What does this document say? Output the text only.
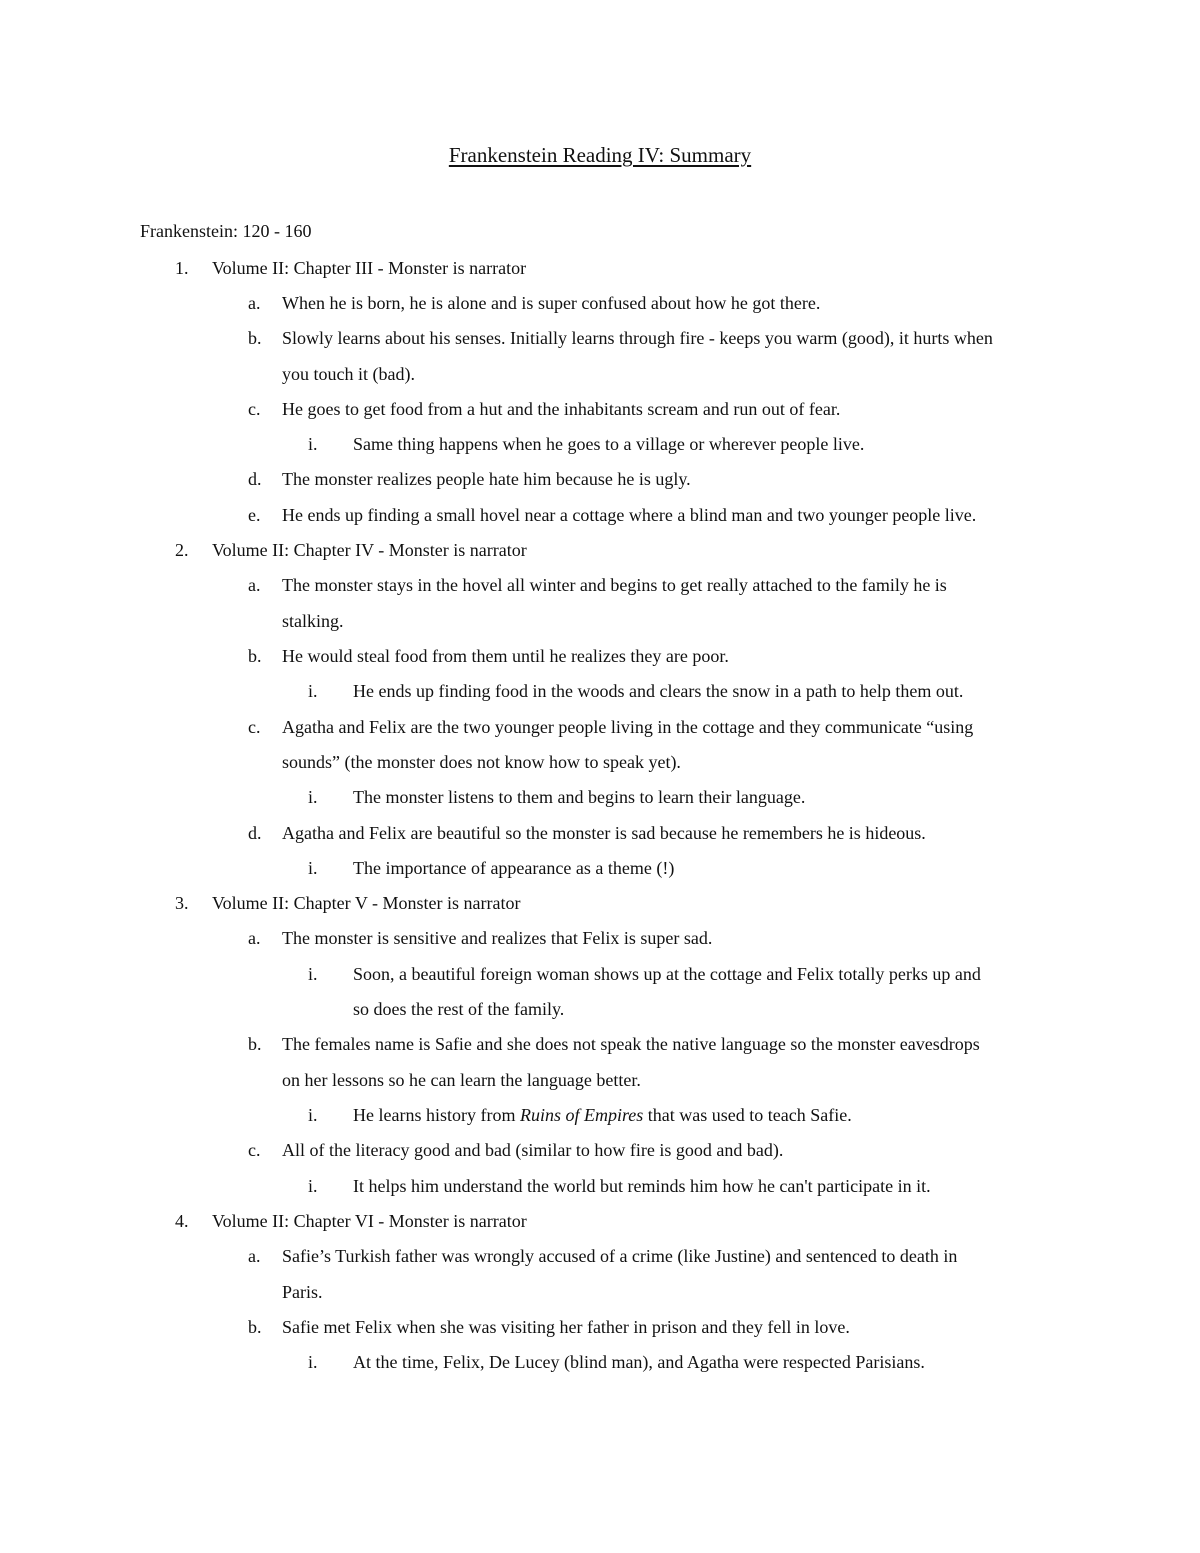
Frankenstein Reading IV: Summary
Frankenstein: 120 - 160
1. Volume II: Chapter III - Monster is narrator
a. When he is born, he is alone and is super confused about how he got there.
b. Slowly learns about his senses. Initially learns through fire - keeps you warm (good), it hurts when
you touch it (bad).
c. He goes to get food from a hut and the inhabitants scream and run out of fear.
i. Same thing happens when he goes to a village or wherever people live.
d. The monster realizes people hate him because he is ugly.
e. He ends up finding a small hovel near a cottage where a blind man and two younger people live.
2. Volume II: Chapter IV - Monster is narrator
a. The monster stays in the hovel all winter and begins to get really attached to the family he is
stalking.
b. He would steal food from them until he realizes they are poor.
i. He ends up finding food in the woods and clears the snow in a path to help them out.
c. Agatha and Felix are the two younger people living in the cottage and they communicate “using
sounds” (the monster does not know how to speak yet).
i. The monster listens to them and begins to learn their language.
d. Agatha and Felix are beautiful so the monster is sad because he remembers he is hideous.
i. The importance of appearance as a theme (!)
3. Volume II: Chapter V - Monster is narrator
a. The monster is sensitive and realizes that Felix is super sad.
i. Soon, a beautiful foreign woman shows up at the cottage and Felix totally perks up and
so does the rest of the family.
b. The females name is Safie and she does not speak the native language so the monster eavesdrops
on her lessons so he can learn the language better.
i. He learns history from Ruins of Empires that was used to teach Safie.
c. All of the literacy good and bad (similar to how fire is good and bad).
i. It helps him understand the world but reminds him how he can't participate in it.
4. Volume II: Chapter VI - Monster is narrator
a. Safie’s Turkish father was wrongly accused of a crime (like Justine) and sentenced to death in
Paris.
b. Safie met Felix when she was visiting her father in prison and they fell in love.
i. At the time, Felix, De Lucey (blind man), and Agatha were respected Parisians.
